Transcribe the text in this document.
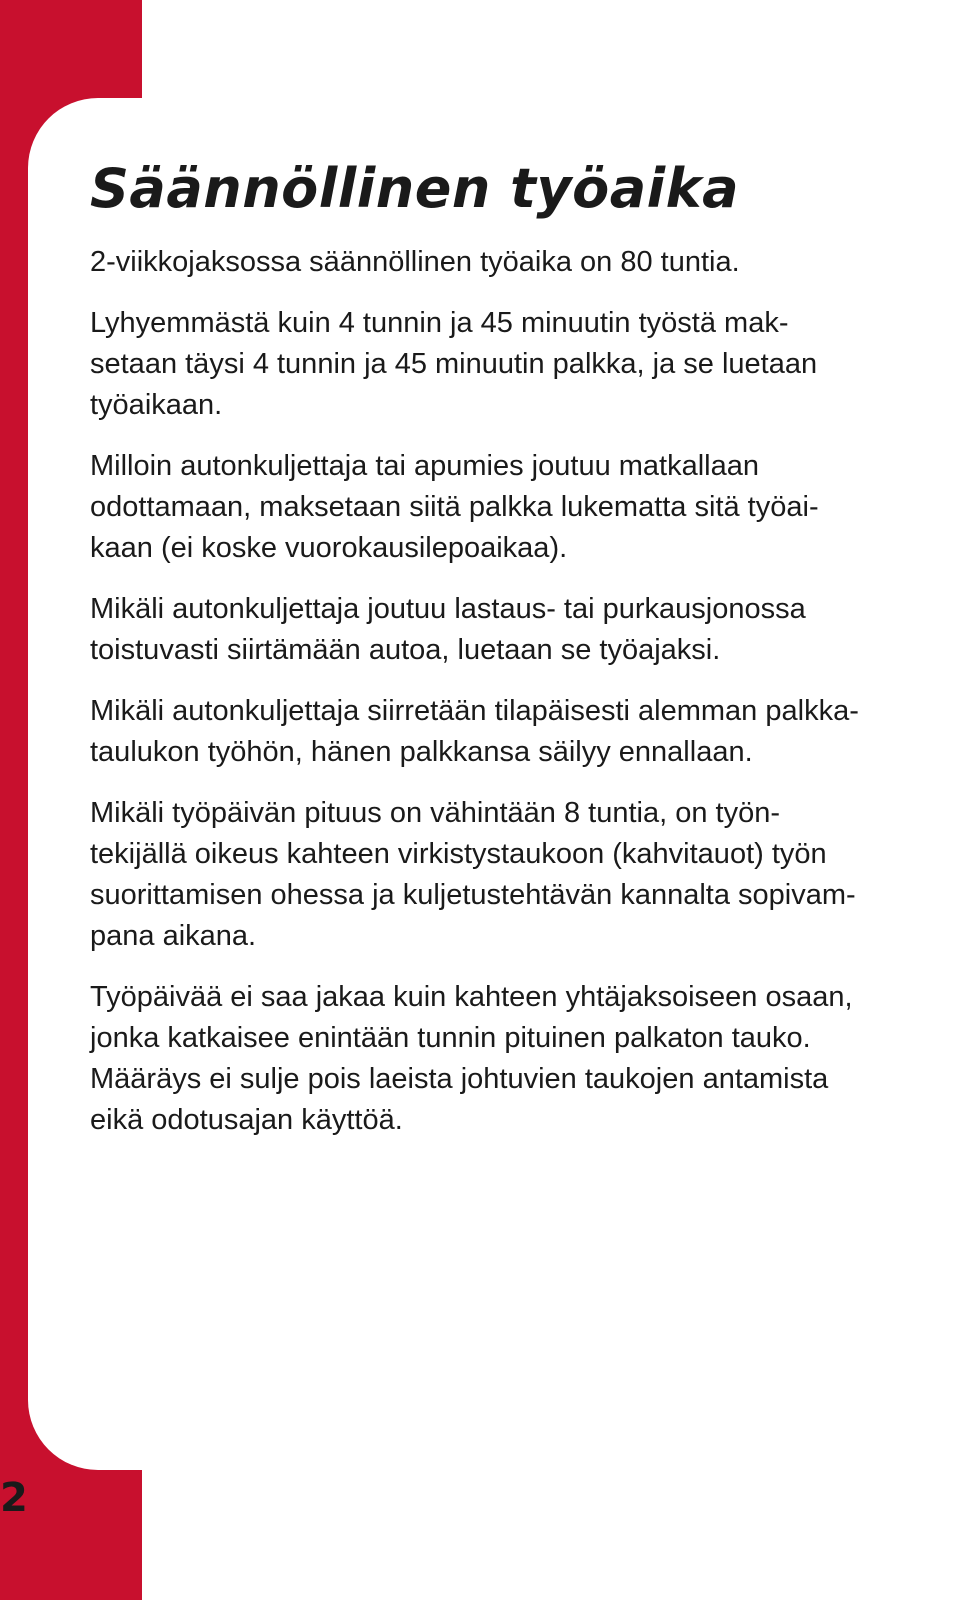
2
Säännöllinen työaika

2-viikkojaksossa säännöllinen työaika on 80 tuntia.

Lyhyemmästä kuin 4 tunnin ja 45 minuutin työstä mak-
setaan täysi 4 tunnin ja 45 minuutin palkka, ja se luetaan
työaikaan.

Milloin autonkuljettaja tai apumies joutuu matkallaan
odottamaan, maksetaan siitä palkka lukematta sitä työai-
kaan (ei koske vuorokausilepoaikaa).

Mikäli autonkuljettaja joutuu lastaus- tai purkausjonossa
toistuvasti siirtämään autoa, luetaan se työajaksi.

Mikäli autonkuljettaja siirretään tilapäisesti alemman palkka-
taulukon työhön, hänen palkkansa säilyy ennallaan.

Mikäli työpäivän pituus on vähintään 8 tuntia, on työn-
tekijällä oikeus kahteen virkistystaukoon (kahvitauot) työn
suorittamisen ohessa ja kuljetustehtävän kannalta sopivam-
pana aikana.

Työpäivää ei saa jakaa kuin kahteen yhtäjaksoiseen osaan,
jonka katkaisee enintään tunnin pituinen palkaton tauko.
Määräys ei sulje pois laeista johtuvien taukojen antamista
eikä odotusajan käyttöä.
